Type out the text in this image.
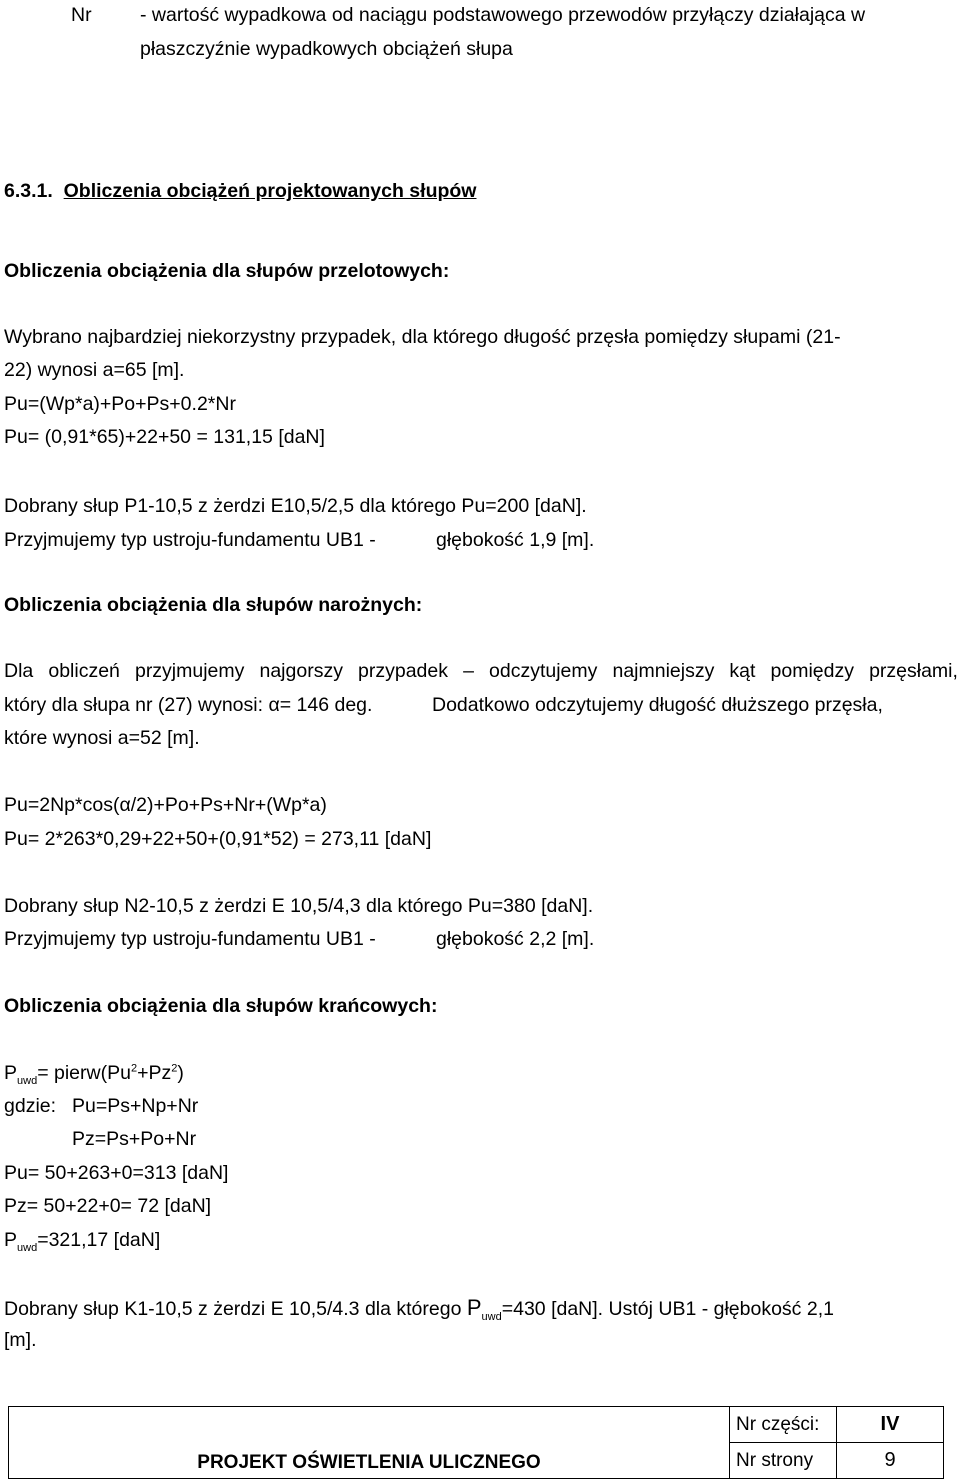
Nr - wartość wypadkowa od naciągu podstawowego przewodów przyłączy działająca w
płaszczyźnie wypadkowych obciążeń słupa
6.3.1. Obliczenia obciążeń projektowanych słupów
Obliczenia obciążenia dla słupów przelotowych:
Wybrano najbardziej niekorzystny przypadek, dla którego długość przęsła pomiędzy słupami (21-
22) wynosi a=65 [m].
Pu=(Wp*a)+Po+Ps+0.2*Nr
Pu= (0,91*65)+22+50 = 131,15 [daN]
Dobrany słup P1-10,5 z żerdzi E10,5/2,5 dla którego Pu=200 [daN].
Przyjmujemy typ ustroju-fundamentu UB1 -	głębokość 1,9 [m].
Obliczenia obciążenia dla słupów narożnych:
Dla obliczeń przyjmujemy najgorszy przypadek – odczytujemy najmniejszy kąt pomiędzy przęsłami,
który dla słupa nr (27) wynosi: α= 146 deg.	Dodatkowo odczytujemy długość dłuższego przęsła,
które wynosi a=52 [m].
Pu=2Np*cos(α/2)+Po+Ps+Nr+(Wp*a)
Pu= 2*263*0,29+22+50+(0,91*52) = 273,11 [daN]
Dobrany słup N2-10,5 z żerdzi E 10,5/4,3 dla którego Pu=380 [daN].
Przyjmujemy typ ustroju-fundamentu UB1 -	głębokość 2,2 [m].
Obliczenia obciążenia dla słupów krańcowych:
$P_{uwd}=$ $pierw(Pu^2+Pz^2)$
gdzie: Pu=Ps+Np+Nr
Pz=Ps+Po+Nr
Pu= 50+263+0=313 [daN]
Pz= 50+22+0= 72 [daN]
$P_{uwd}=321,17$ [daN]
Dobrany słup K1-10,5 z żerdzi E 10,5/4.3 dla którego $P_{uwd}=430$ [daN]. Ustój UB1 - głębokość 2,1
[m].
PROJEKT OŚWIETLENIA ULICZNEGO	Nr części:	IV
	Nr strony	9
